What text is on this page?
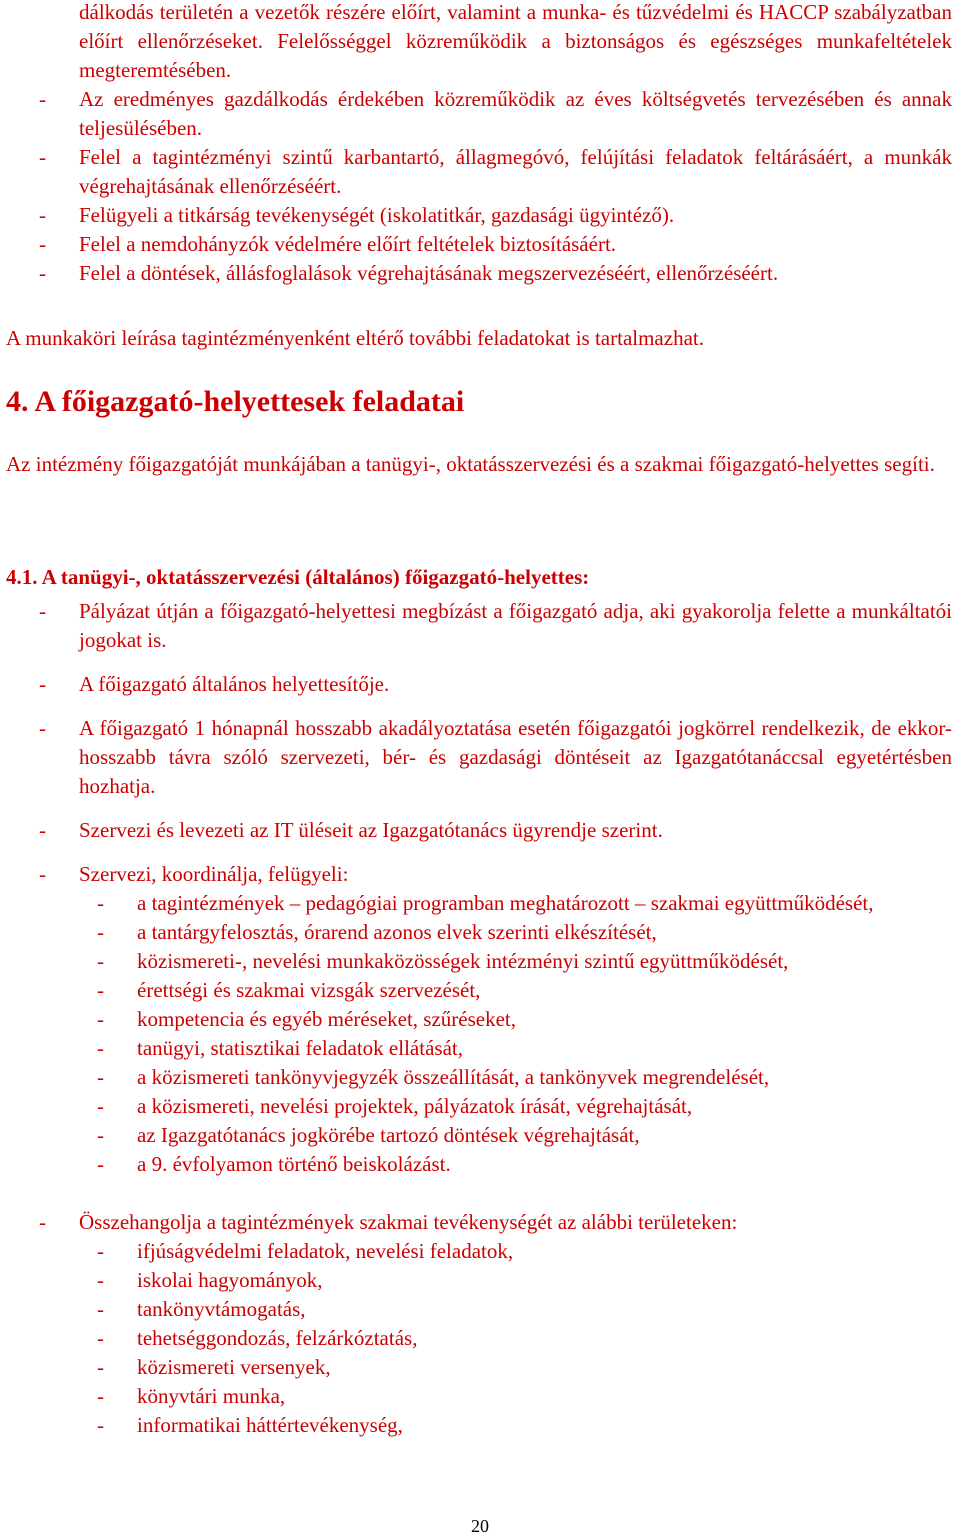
dálkodás területén a vezetők részére előírt, valamint a munka- és tűzvédelmi és HACCP szabályzatban előírt ellenőrzéseket. Felelősséggel közreműködik a biztonságos és egészséges munkafeltételek megteremtésében.
- Az eredményes gazdálkodás érdekében közreműködik az éves költségvetés tervezésében és annak teljesülésében.
- Felel a tagintézményi szintű karbantartó, állagmegóvó, felújítási feladatok feltárásáért, a munkák végrehajtásának ellenőrzéséért.
- Felügyeli a titkárság tevékenységét (iskolatitkár, gazdasági ügyintéző).
- Felel a nemdohányzók védelmére előírt feltételek biztosításáért.
- Felel a döntések, állásfoglalások végrehajtásának megszervezéséért, ellenőrzéséért.
A munkaköri leírása tagintézményenként eltérő további feladatokat is tartalmazhat.
4. A főigazgató-helyettesek feladatai
Az intézmény főigazgatóját munkájában a tanügyi-, oktatásszervezési és a szakmai főigazgató-helyettes segíti.
4.1. A tanügyi-, oktatásszervezési (általános) főigazgató-helyettes:
- Pályázat útján a főigazgató-helyettesi megbízást a főigazgató adja, aki gyakorolja felette a munkáltatói jogokat is.
- A főigazgató általános helyettesítője.
- A főigazgató 1 hónapnál hosszabb akadályoztatása esetén főigazgatói jogkörrel rendelkezik, de ekkor- hosszabb távra szóló szervezeti, bér- és gazdasági döntéseit az Igazgatótanáccsal egyetértésben hozhatja.
- Szervezi és levezeti az IT üléseit az Igazgatótanács ügyrendje szerint.
- Szervezi, koordinálja, felügyeli:
- a tagintézmények – pedagógiai programban meghatározott – szakmai együttműködését,
- a tantárgyfelosztás, órarend azonos elvek szerinti elkészítését,
- közismereti-, nevelési munkaközösségek intézményi szintű együttműködését,
- érettségi és szakmai vizsgák szervezését,
- kompetencia és egyéb méréseket, szűréseket,
- tanügyi, statisztikai feladatok ellátását,
- a közismereti tankönyvjegyzék összeállítását, a tankönyvek megrendelését,
- a közismereti, nevelési projektek, pályázatok írását, végrehajtását,
- az Igazgatótanács jogkörébe tartozó döntések végrehajtását,
- a 9. évfolyamon történő beiskolázást.
- Összehangolja a tagintézmények szakmai tevékenységét az alábbi területeken:
- ifjúságvédelmi feladatok, nevelési feladatok,
- iskolai hagyományok,
- tankönyvtámogatás,
- tehetséggondozás, felzárkóztatás,
- közismereti versenyek,
- könyvtári munka,
- informatikai háttértevékenység,
20
